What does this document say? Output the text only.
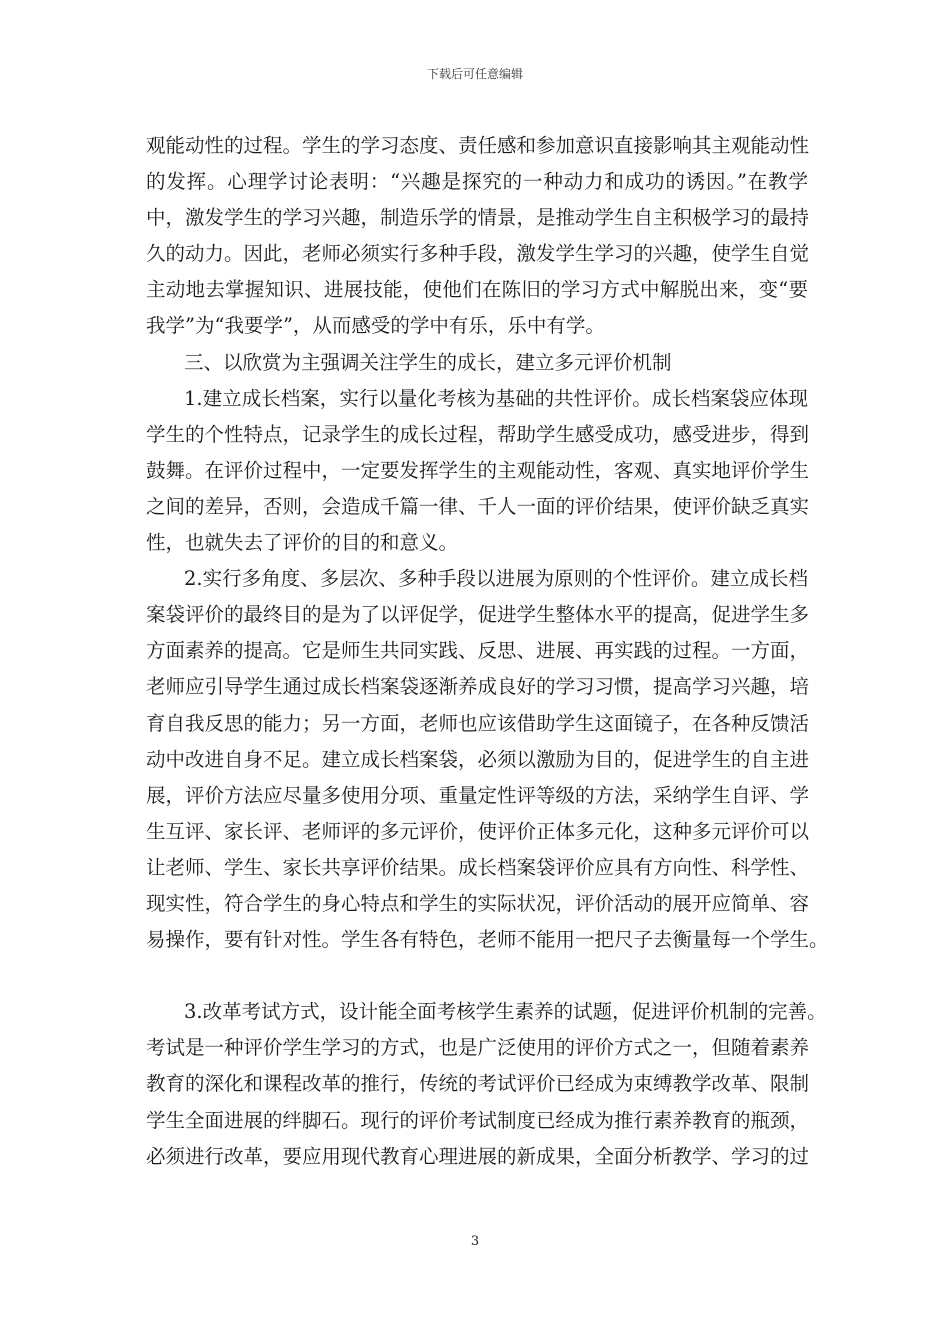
下载后可任意编辑
观能动性的过程。学生的学习态度、责任感和参加意识直接影响其主观能动性
的发挥。心理学讨论表明：“兴趣是探究的一种动力和成功的诱因。”在教学
中，激发学生的学习兴趣，制造乐学的情景，是推动学生自主积极学习的最持
久的动力。因此，老师必须实行多种手段，激发学生学习的兴趣，使学生自觉
主动地去掌握知识、进展技能，使他们在陈旧的学习方式中解脱出来，变“要
我学”为“我要学”，从而感受的学中有乐，乐中有学。
三、以欣赏为主强调关注学生的成长，建立多元评价机制
1.建立成长档案，实行以量化考核为基础的共性评价。成长档案袋应体现
学生的个性特点，记录学生的成长过程，帮助学生感受成功，感受进步，得到
鼓舞。在评价过程中，一定要发挥学生的主观能动性，客观、真实地评价学生
之间的差异，否则，会造成千篇一律、千人一面的评价结果，使评价缺乏真实
性，也就失去了评价的目的和意义。
2.实行多角度、多层次、多种手段以进展为原则的个性评价。建立成长档
案袋评价的最终目的是为了以评促学，促进学生整体水平的提高，促进学生多
方面素养的提高。它是师生共同实践、反思、进展、再实践的过程。一方面，
老师应引导学生通过成长档案袋逐渐养成良好的学习习惯，提高学习兴趣，培
育自我反思的能力；另一方面，老师也应该借助学生这面镜子，在各种反馈活
动中改进自身不足。建立成长档案袋，必须以激励为目的，促进学生的自主进
展，评价方法应尽量多使用分项、重量定性评等级的方法，采纳学生自评、学
生互评、家长评、老师评的多元评价，使评价正体多元化，这种多元评价可以
让老师、学生、家长共享评价结果。成长档案袋评价应具有方向性、科学性、
现实性，符合学生的身心特点和学生的实际状况，评价活动的展开应简单、容
易操作，要有针对性。学生各有特色，老师不能用一把尺子去衡量每一个学生。
3.改革考试方式，设计能全面考核学生素养的试题，促进评价机制的完善。
考试是一种评价学生学习的方式，也是广泛使用的评价方式之一，但随着素养
教育的深化和课程改革的推行，传统的考试评价已经成为束缚教学改革、限制
学生全面进展的绊脚石。现行的评价考试制度已经成为推行素养教育的瓶颈，
必须进行改革，要应用现代教育心理进展的新成果，全面分析教学、学习的过
3
